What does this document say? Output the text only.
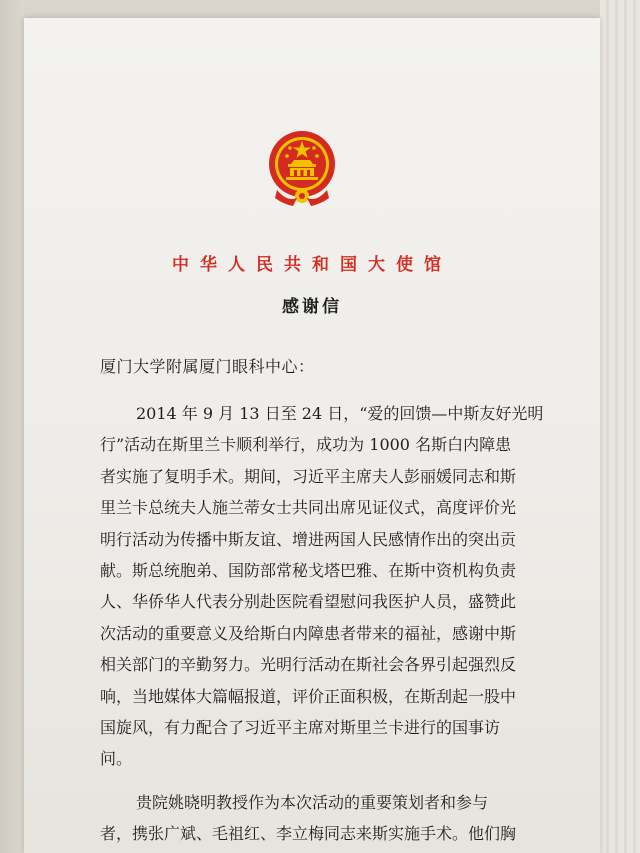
中华人民共和国大使馆
感谢信
厦门大学附属厦门眼科中心：
2014 年 9 月 13 日至 24 日，“爱的回馈—中斯友好光明
行”活动在斯里兰卡顺利举行，成功为 1000 名斯白内障患
者实施了复明手术。期间，习近平主席夫人彭丽媛同志和斯
里兰卡总统夫人施兰蒂女士共同出席见证仪式，高度评价光
明行活动为传播中斯友谊、增进两国人民感情作出的突出贡
献。斯总统胞弟、国防部常秘戈塔巴雅、在斯中资机构负责
人、华侨华人代表分别赴医院看望慰问我医护人员，盛赞此
次活动的重要意义及给斯白内障患者带来的福祉，感谢中斯
相关部门的辛勤努力。光明行活动在斯社会各界引起强烈反
响，当地媒体大篇幅报道，评价正面积极，在斯刮起一股中
国旋风，有力配合了习近平主席对斯里兰卡进行的国事访
问。
贵院姚晓明教授作为本次活动的重要策划者和参与
者，携张广斌、毛祖红、李立梅同志来斯实施手术。他们胸
